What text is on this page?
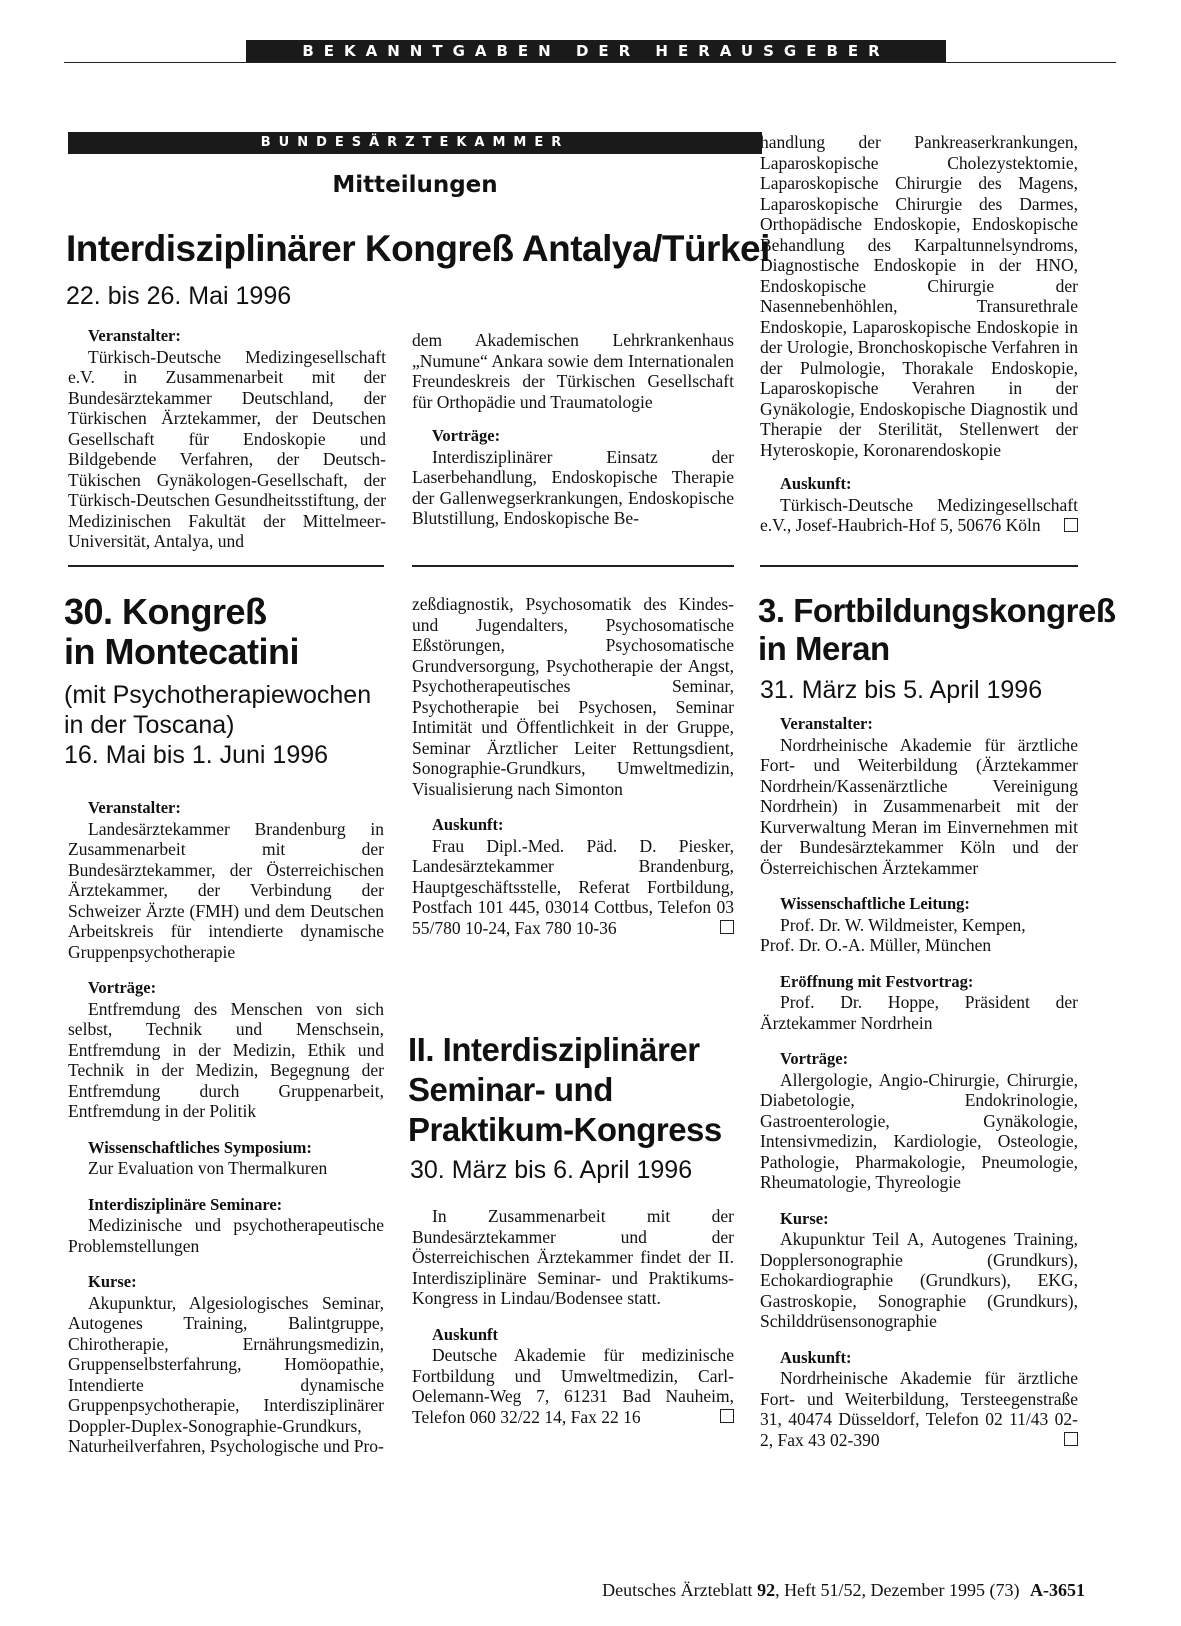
BEKANNTGABEN DER HERAUSGEBER
BUNDESÄRZTEKAMMER
Mitteilungen
Interdisziplinärer Kongreß Antalya/Türkei
22. bis 26. Mai 1996
Veranstalter:
Türkisch-Deutsche Medizingesellschaft e.V. in Zusammenarbeit mit der Bundesärztekammer Deutschland, der Türkischen Ärztekammer, der Deutschen Gesellschaft für Endoskopie und Bildgebende Verfahren, der Deutsch-Tükischen Gynäkologen-Gesellschaft, der Türkisch-Deutschen Gesundheitsstiftung, der Medizinischen Fakultät der Mittelmeer-Universität, Antalya, und
dem Akademischen Lehrkrankenhaus „Numune“ Ankara sowie dem Internationalen Freundeskreis der Türkischen Gesellschaft für Orthopädie und Traumatologie
Vorträge:
Interdisziplinärer Einsatz der Laserbehandlung, Endoskopische Therapie der Gallenwegserkrankungen, Endoskopische Blutstillung, Endoskopische Be-
handlung der Pankreaserkrankungen, Laparoskopische Cholezystektomie, Laparoskopische Chirurgie des Magens, Laparoskopische Chirurgie des Darmes, Orthopädische Endoskopie, Endoskopische Behandlung des Karpaltunnelsyndroms, Diagnostische Endoskopie in der HNO, Endoskopische Chirurgie der Nasennebenhöhlen, Transurethrale Endoskopie, Laparoskopische Endoskopie in der Urologie, Bronchoskopische Verfahren in der Pulmologie, Thorakale Endoskopie, Laparoskopische Verahren in der Gynäkologie, Endoskopische Diagnostik und Therapie der Sterilität, Stellenwert der Hyteroskopie, Koronarendoskopie
Auskunft:
Türkisch-Deutsche Medizingesellschaft e.V., Josef-Haubrich-Hof 5, 50676 Köln
30. Kongreß
in Montecatini
(mit Psychotherapiewochen
in der Toscana)
16. Mai bis 1. Juni 1996
Veranstalter:
Landesärztekammer Brandenburg in Zusammenarbeit mit der Bundesärztekammer, der Österreichischen Ärztekammer, der Verbindung der Schweizer Ärzte (FMH) und dem Deutschen Arbeitskreis für intendierte dynamische Gruppenpsychotherapie
Vorträge:
Entfremdung des Menschen von sich selbst, Technik und Menschsein, Entfremdung in der Medizin, Ethik und Technik in der Medizin, Begegnung der Entfremdung durch Gruppenarbeit, Entfremdung in der Politik
Wissenschaftliches Symposium:
Zur Evaluation von Thermalkuren
Interdisziplinäre Seminare:
Medizinische und psychotherapeutische Problemstellungen
Kurse:
Akupunktur, Algesiologisches Seminar, Autogenes Training, Balintgruppe, Chirotherapie, Ernährungsmedizin, Gruppenselbsterfahrung, Homöopathie, Intendierte dynamische Gruppenpsychotherapie, Interdisziplinärer Doppler-Duplex-Sonographie-Grundkurs, Naturheilverfahren, Psychologische und Pro-
zeßdiagnostik, Psychosomatik des Kindes- und Jugendalters, Psychosomatische Eßstörungen, Psychosomatische Grundversorgung, Psychotherapie der Angst, Psychotherapeutisches Seminar, Psychotherapie bei Psychosen, Seminar Intimität und Öffentlichkeit in der Gruppe, Seminar Ärztlicher Leiter Rettungsdient, Sonographie-Grundkurs, Umweltmedizin, Visualisierung nach Simonton
Auskunft:
Frau Dipl.-Med. Päd. D. Piesker, Landesärztekammer Brandenburg, Hauptgeschäftsstelle, Referat Fortbildung, Postfach 101 445, 03014 Cottbus, Telefon 03 55/780 10-24, Fax 780 10-36
II. Interdisziplinärer
Seminar- und
Praktikum-Kongress
30. März bis 6. April 1996
In Zusammenarbeit mit der Bundesärztekammer und der Österreichischen Ärztekammer findet der II. Interdisziplinäre Seminar- und Praktikums-Kongress in Lindau/Bodensee statt.
Auskunft
Deutsche Akademie für medizinische Fortbildung und Umweltmedizin, Carl-Oelemann-Weg 7, 61231 Bad Nauheim, Telefon 060 32/22 14, Fax 22 16
3. Fortbildungskongreß
in Meran
31. März bis 5. April 1996
Veranstalter:
Nordrheinische Akademie für ärztliche Fort- und Weiterbildung (Ärztekammer Nordrhein/Kassenärztliche Vereinigung Nordrhein) in Zusammenarbeit mit der Kurverwaltung Meran im Einvernehmen mit der Bundesärztekammer Köln und der Österreichischen Ärztekammer
Wissenschaftliche Leitung:
Prof. Dr. W. Wildmeister, Kempen,
Prof. Dr. O.-A. Müller, München
Eröffnung mit Festvortrag:
Prof. Dr. Hoppe, Präsident der Ärztekammer Nordrhein
Vorträge:
Allergologie, Angio-Chirurgie, Chirurgie, Diabetologie, Endokrinologie, Gastroenterologie, Gynäkologie, Intensivmedizin, Kardiologie, Osteologie, Pathologie, Pharmakologie, Pneumologie, Rheumatologie, Thyreologie
Kurse:
Akupunktur Teil A, Autogenes Training, Dopplersonographie (Grundkurs), Echokardiographie (Grundkurs), EKG, Gastroskopie, Sonographie (Grundkurs), Schilddrüsensonographie
Auskunft:
Nordrheinische Akademie für ärztliche Fort- und Weiterbildung, Tersteegenstraße 31, 40474 Düsseldorf, Telefon 02 11/43 02-2, Fax 43 02-390
Deutsches Ärzteblatt 92, Heft 51/52, Dezember 1995 (73) A-3651
